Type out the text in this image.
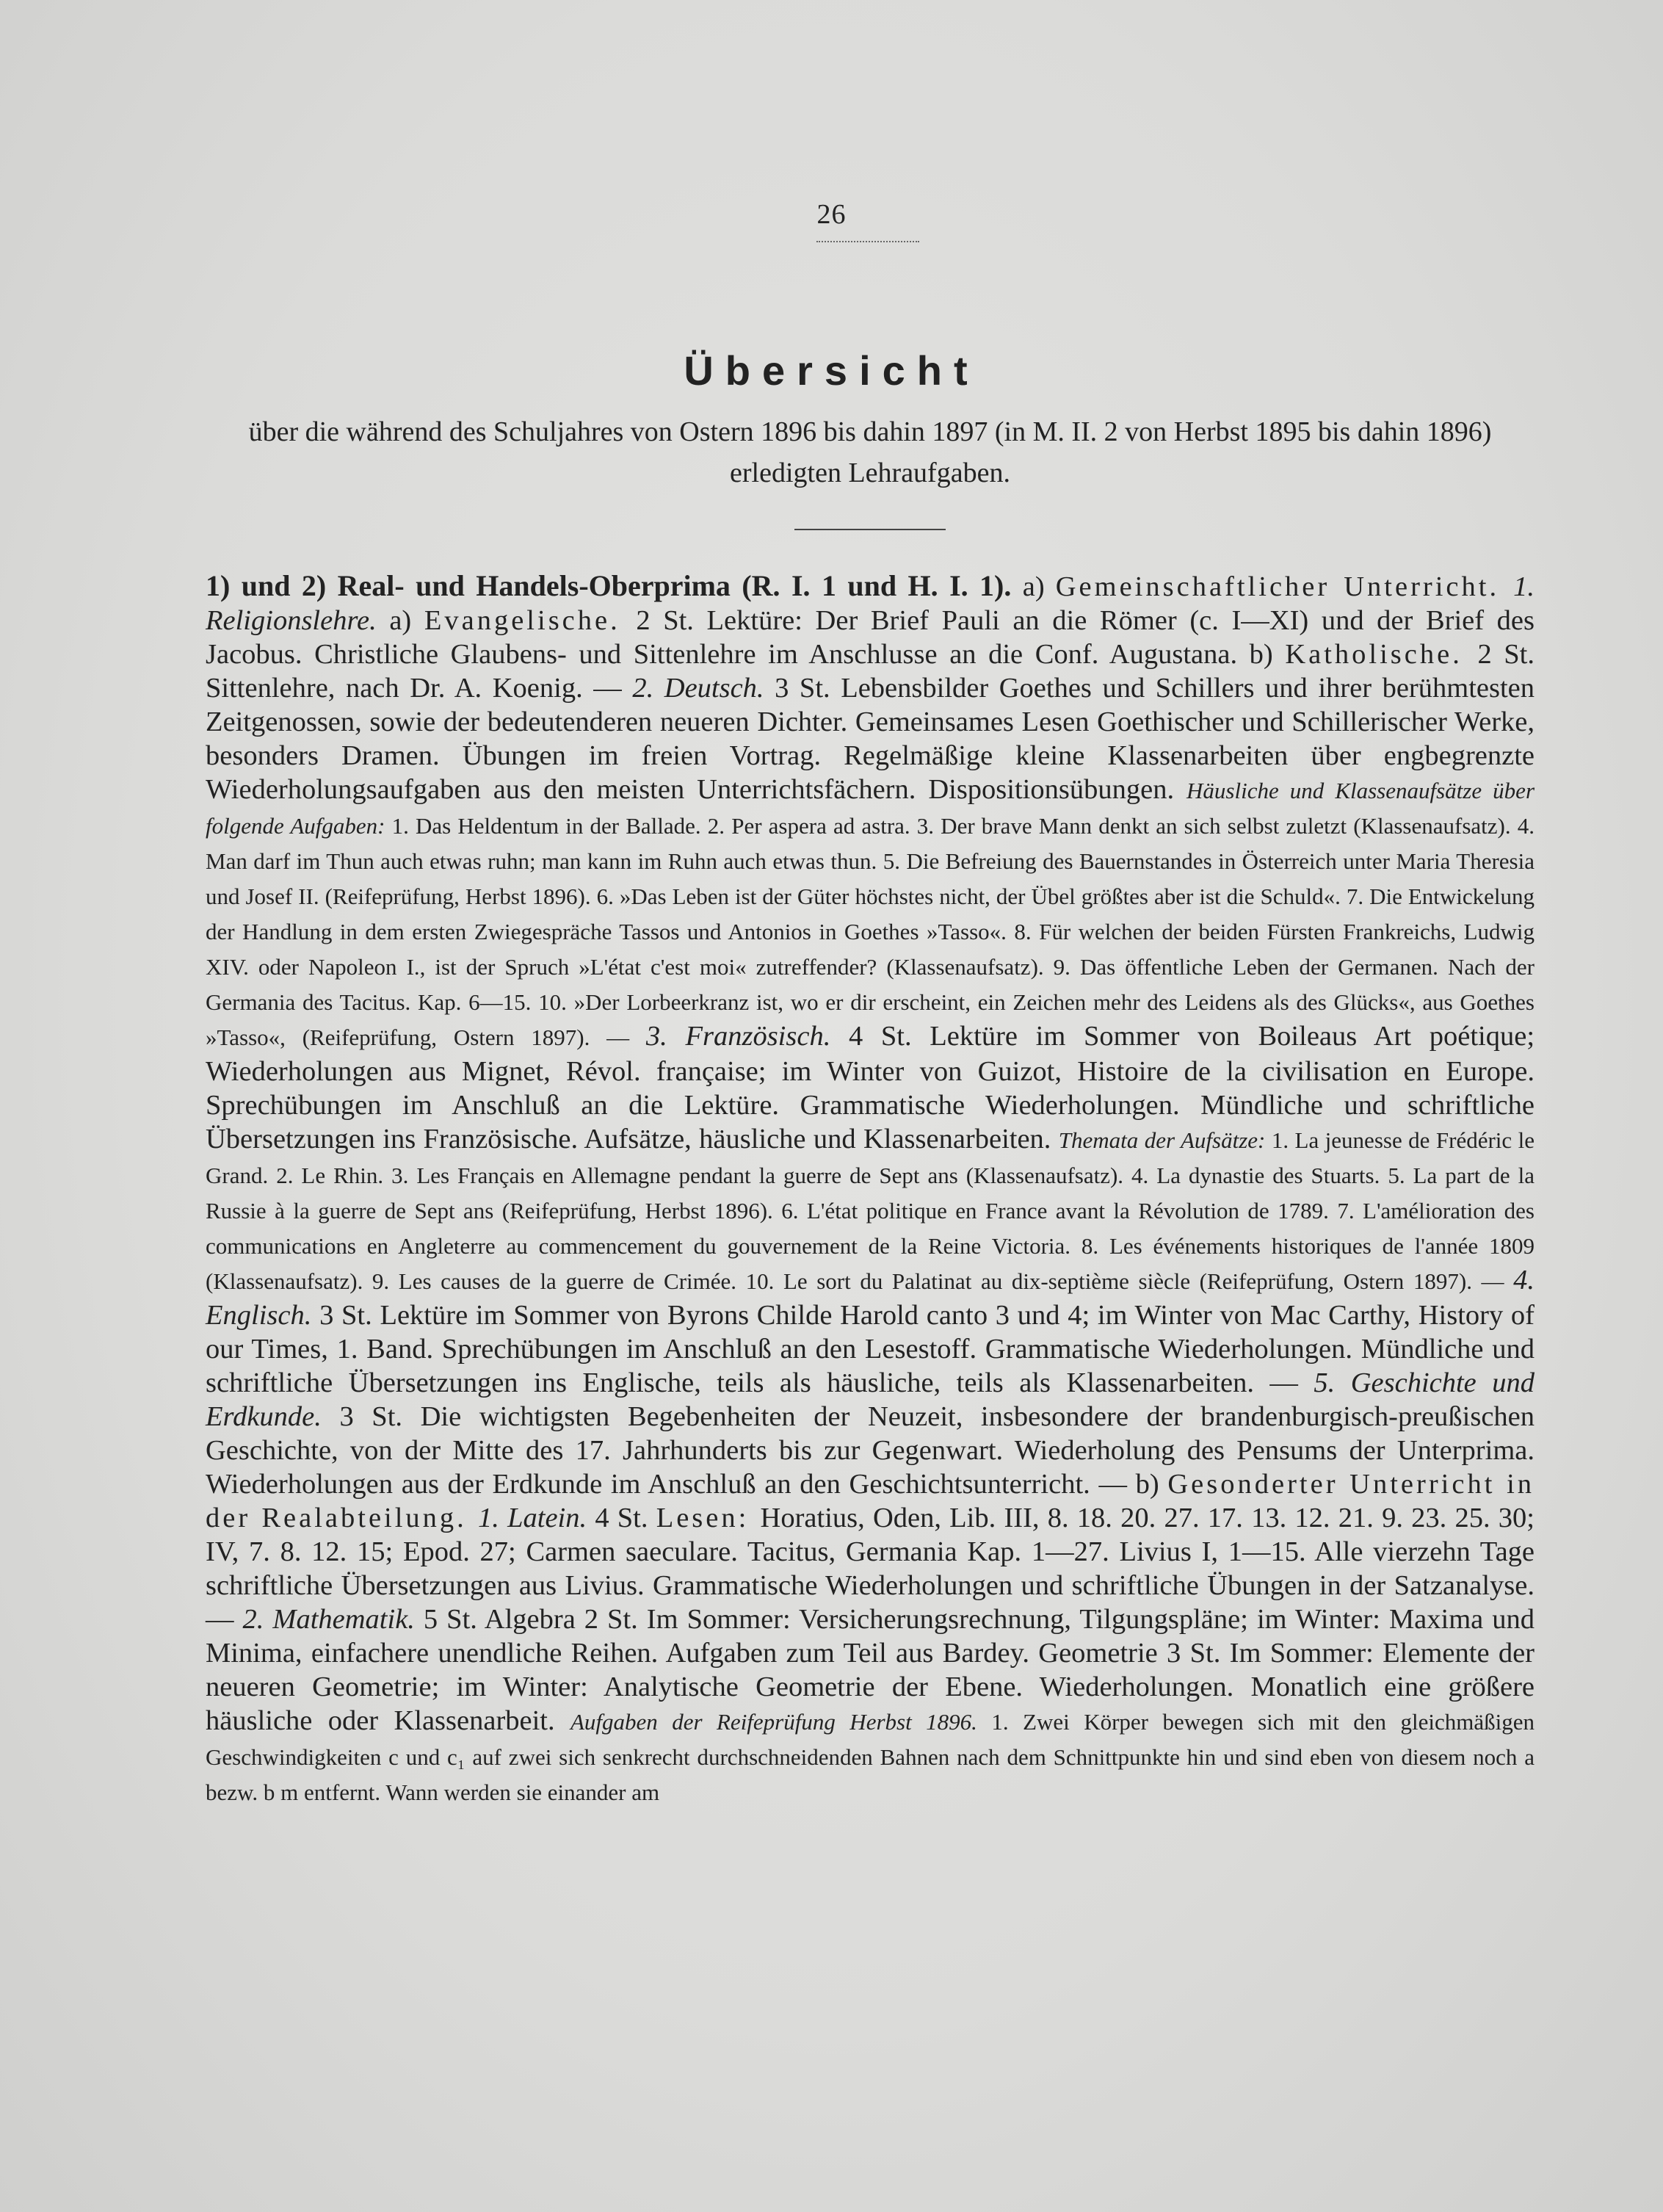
26
Übersicht
über die während des Schuljahres von Ostern 1896 bis dahin 1897 (in M. II. 2 von Herbst 1895 bis dahin 1896) erledigten Lehraufgaben.

1) und 2) Real- und Handels-Oberprima (R. I. 1 und H. I. 1). a) Gemeinschaftlicher Unterricht. 1. Religionslehre. a) Evangelische. 2 St. Lektüre: Der Brief Pauli an die Römer (c. I—XI) und der Brief des Jacobus. Christliche Glaubens- und Sittenlehre im Anschlusse an die Conf. Augustana. b) Katholische. 2 St. Sittenlehre, nach Dr. A. Koenig. — 2. Deutsch. 3 St. Lebensbilder Goethes und Schillers und ihrer berühmtesten Zeitgenossen, sowie der bedeutenderen neueren Dichter. Gemeinsames Lesen Goethischer und Schillerischer Werke, besonders Dramen. Übungen im freien Vortrag. Regelmäßige kleine Klassenarbeiten über engbegrenzte Wiederholungsaufgaben aus den meisten Unterrichtsfächern. Dispositionsübungen. Häusliche und Klassenaufsätze über folgende Aufgaben: 1. Das Heldentum in der Ballade. 2. Per aspera ad astra. 3. Der brave Mann denkt an sich selbst zuletzt (Klassenaufsatz). 4. Man darf im Thun auch etwas ruhn; man kann im Ruhn auch etwas thun. 5. Die Befreiung des Bauernstandes in Österreich unter Maria Theresia und Josef II. (Reifeprüfung, Herbst 1896). 6. »Das Leben ist der Güter höchstes nicht, der Übel größtes aber ist die Schuld«. 7. Die Entwickelung der Handlung in dem ersten Zwiegespräche Tassos und Antonios in Goethes »Tasso«. 8. Für welchen der beiden Fürsten Frankreichs, Ludwig XIV. oder Napoleon I., ist der Spruch »L'état c'est moi« zutreffender? (Klassenaufsatz). 9. Das öffentliche Leben der Germanen. Nach der Germania des Tacitus. Kap. 6—15. 10. »Der Lorbeerkranz ist, wo er dir erscheint, ein Zeichen mehr des Leidens als des Glücks«, aus Goethes »Tasso«, (Reifeprüfung, Ostern 1897). — 3. Französisch. 4 St. Lektüre im Sommer von Boileaus Art poétique; Wiederholungen aus Mignet, Révol. française; im Winter von Guizot, Histoire de la civilisation en Europe. Sprechübungen im Anschluß an die Lektüre. Grammatische Wiederholungen. Mündliche und schriftliche Übersetzungen ins Französische. Aufsätze, häusliche und Klassenarbeiten. Themata der Aufsätze: 1. La jeunesse de Frédéric le Grand. 2. Le Rhin. 3. Les Français en Allemagne pendant la guerre de Sept ans (Klassenaufsatz). 4. La dynastie des Stuarts. 5. La part de la Russie à la guerre de Sept ans (Reifeprüfung, Herbst 1896). 6. L'état politique en France avant la Révolution de 1789. 7. L'amélioration des communications en Angleterre au commencement du gouvernement de la Reine Victoria. 8. Les événements historiques de l'année 1809 (Klassenaufsatz). 9. Les causes de la guerre de Crimée. 10. Le sort du Palatinat au dix-septième siècle (Reifeprüfung, Ostern 1897). — 4. Englisch. 3 St. Lektüre im Sommer von Byrons Childe Harold canto 3 und 4; im Winter von Mac Carthy, History of our Times, 1. Band. Sprechübungen im Anschluß an den Lesestoff. Grammatische Wiederholungen. Mündliche und schriftliche Übersetzungen ins Englische, teils als häusliche, teils als Klassenarbeiten. — 5. Geschichte und Erdkunde. 3 St. Die wichtigsten Begebenheiten der Neuzeit, insbesondere der brandenburgisch-preußischen Geschichte, von der Mitte des 17. Jahrhunderts bis zur Gegenwart. Wiederholung des Pensums der Unterprima. Wiederholungen aus der Erdkunde im Anschluß an den Geschichtsunterricht. — b) Gesonderter Unterricht in der Realabteilung. 1. Latein. 4 St. Lesen: Horatius, Oden, Lib. III, 8. 18. 20. 27. 17. 13. 12. 21. 9. 23. 25. 30; IV, 7. 8. 12. 15; Epod. 27; Carmen saeculare. Tacitus, Germania Kap. 1—27. Livius I, 1—15. Alle vierzehn Tage schriftliche Übersetzungen aus Livius. Grammatische Wiederholungen und schriftliche Übungen in der Satzanalyse. — 2. Mathematik. 5 St. Algebra 2 St. Im Sommer: Versicherungsrechnung, Tilgungspläne; im Winter: Maxima und Minima, einfachere unendliche Reihen. Aufgaben zum Teil aus Bardey. Geometrie 3 St. Im Sommer: Elemente der neueren Geometrie; im Winter: Analytische Geometrie der Ebene. Wiederholungen. Monatlich eine größere häusliche oder Klassenarbeit. Aufgaben der Reifeprüfung Herbst 1896. 1. Zwei Körper bewegen sich mit den gleichmäßigen Geschwindigkeiten c und c₁ auf zwei sich senkrecht durchschneidenden Bahnen nach dem Schnittpunkte hin und sind eben von diesem noch a bezw. b m entfernt. Wann werden sie einander am
